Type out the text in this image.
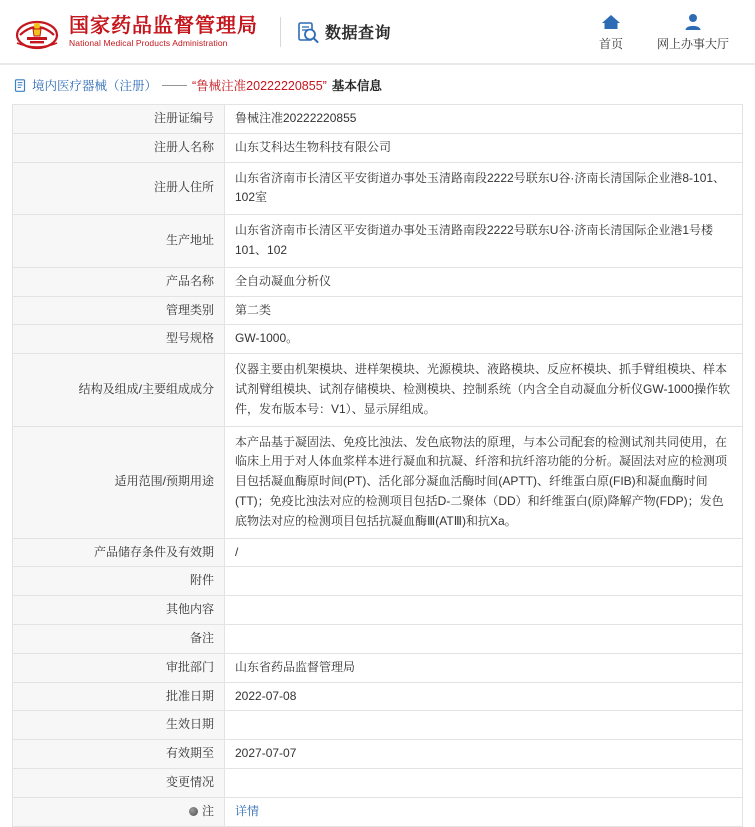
国家药品监督管理局
National Medical Products Administration
数据查询
首页	网上办事大厅
境内医疗器械（注册） —— “鲁械注准20222220855” 基本信息
注册证编号	鲁械注准20222220855
注册人名称	山东艾科达生物科技有限公司
注册人住所	山东省济南市长清区平安街道办事处玉清路南段2222号联东U谷·济南长清国际企业港8-101、102室
生产地址	山东省济南市长清区平安街道办事处玉清路南段2222号联东U谷·济南长清国际企业港1号楼101、102
产品名称	全自动凝血分析仪
管理类别	第二类
型号规格	GW-1000。
结构及组成/主要组成成分	仪器主要由机架模块、进样架模块、光源模块、液路模块、反应杯模块、抓手臂组模块、样本试剂臂组模块、试剂存储模块、检测模块、控制系统（内含全自动凝血分析仪GW-1000操作软件，发布版本号：V1）、显示屏组成。
适用范围/预期用途	本产品基于凝固法、免疫比浊法、发色底物法的原理，与本公司配套的检测试剂共同使用，在临床上用于对人体血浆样本进行凝血和抗凝、纤溶和抗纤溶功能的分析。凝固法对应的检测项目包括凝血酶原时间(PT)、活化部分凝血活酶时间(APTT)、纤维蛋白原(FIB)和凝血酶时间(TT)；免疫比浊法对应的检测项目包括D-二聚体（DD）和纤维蛋白(原)降解产物(FDP)；发色底物法对应的检测项目包括抗凝血酶Ⅲ(ATⅢ)和抗Xa。
产品储存条件及有效期	/
附件	
其他内容	
备注	
审批部门	山东省药品监督管理局
批准日期	2022-07-08
生效日期	
有效期至	2027-07-07
变更情况	
注	详情
